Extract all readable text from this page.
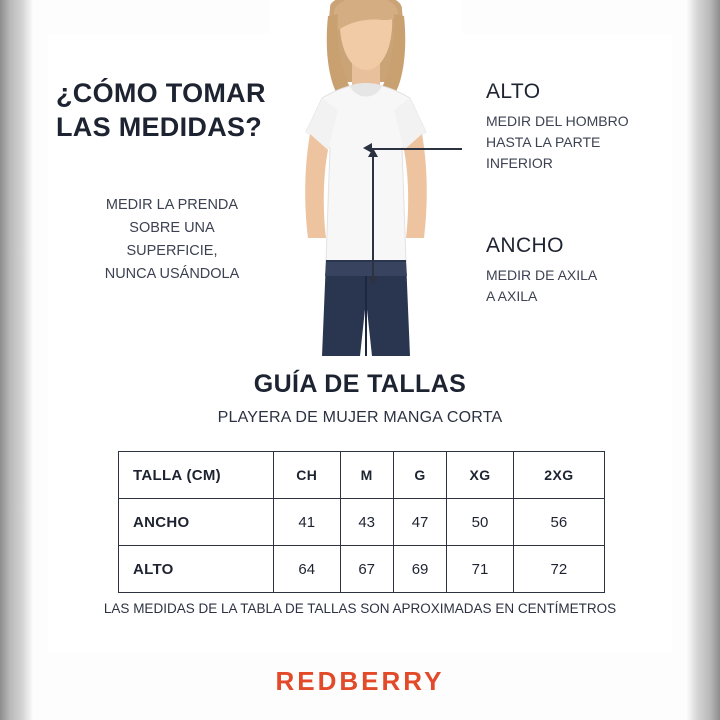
¿CÓMO TOMAR
LAS MEDIDAS?
MEDIR LA PRENDA
SOBRE UNA
SUPERFICIE,
NUNCA USÁNDOLA
ALTO
MEDIR DEL HOMBRO
HASTA LA PARTE
INFERIOR
ANCHO
MEDIR DE AXILA
A AXILA
GUÍA DE TALLAS
PLAYERA DE MUJER MANGA CORTA
TALLA (CM)	CH	M	G	XG	2XG
ANCHO	41	43	47	50	56
ALTO	64	67	69	71	72
LAS MEDIDAS DE LA TABLA DE TALLAS SON APROXIMADAS EN CENTÍMETROS
REDBERRY
